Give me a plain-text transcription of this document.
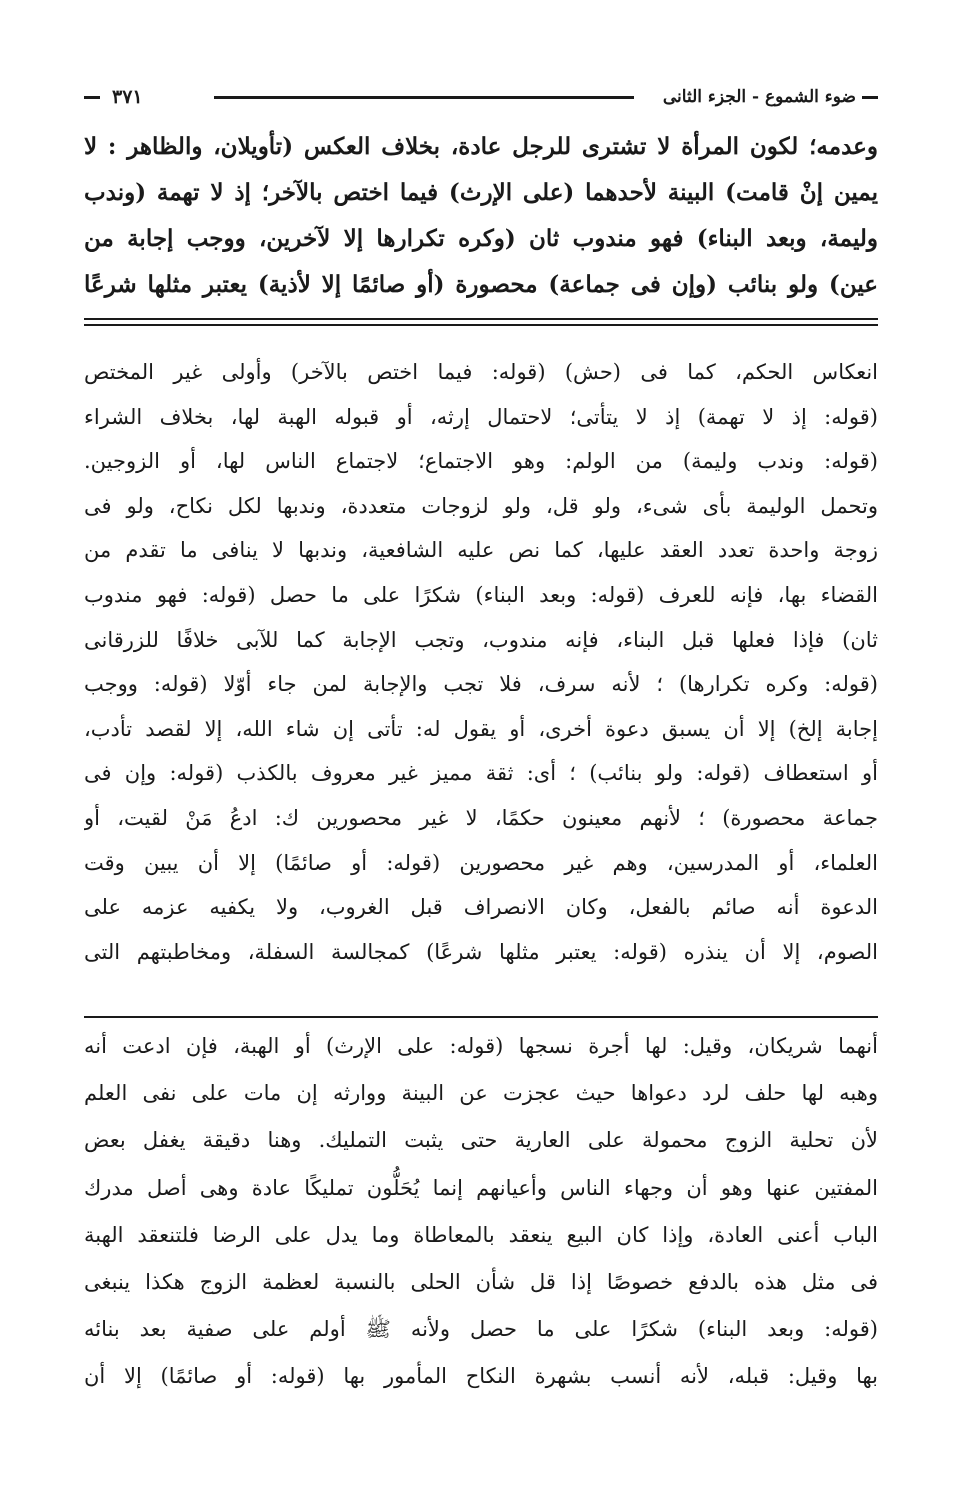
٣٧١	ضوء الشموع - الجزء الثانى
وعدمه؛ لكون المرأة لا تشترى للرجل عادة، بخلاف العكس (تأويلان، والظاهر : لا
يمين إنْ قامت) البينة لأحدهما (على الإرث) فيما اختص بالآخر؛ إذ لا تهمة (وندب
وليمة، وبعد البناء) فهو مندوب ثان (وكره تكرارها إلا لآخرين، ووجب إجابة من
عين) ولو بنائب (وإن فى جماعة) محصورة (أو صائمًا إلا لأذية) يعتبر مثلها شرعًا
انعكاس الحكم، كما فى (حش) (قوله: فيما اختص بالآخر) وأولى غير المختص
(قوله: إذ لا تهمة) إذ لا يتأتى؛ لاحتمال إرثه، أو قبوله الهبة لها، بخلاف الشراء
(قوله: وندب وليمة) من الولم: وهو الاجتماع؛ لاجتماع الناس لها، أو الزوجين.
وتحمل الوليمة بأى شىء، ولو قل، ولو لزوجات متعددة، وندبها لكل نكاح، ولو فى
زوجة واحدة تعدد العقد عليها، كما نص عليه الشافعية، وندبها لا ينافى ما تقدم من
القضاء بها، فإنه للعرف (قوله: وبعد البناء) شكرًا على ما حصل (قوله: فهو مندوب
ثان) فإذا فعلها قبل البناء، فإنه مندوب، وتجب الإجابة كما للآبى خلافًا للزرقانى
(قوله: وكره تكرارها) ؛ لأنه سرف، فلا تجب والإجابة لمن جاء أوّلا (قوله: ووجب
إجابة إلخ) إلا أن يسبق دعوة أخرى، أو يقول له: تأتى إن شاء الله، إلا لقصد تأدب،
أو استعطاف (قوله: ولو بنائب) ؛ أى: ثقة مميز غير معروف بالكذب (قوله: وإن فى
جماعة محصورة) ؛ لأنهم معينون حكمًا، لا غير محصورين ك: ادعُ مَنْ لقيت، أو
العلماء، أو المدرسين، وهم غير محصورين (قوله: أو صائمًا) إلا أن يبين وقت
الدعوة أنه صائم بالفعل، وكان الانصراف قبل الغروب، ولا يكفيه عزمه على
الصوم، إلا أن ينذره (قوله: يعتبر مثلها شرعًا) كمجالسة السفلة، ومخاطبتهم التى
أنهما شريكان، وقيل: لها أجرة نسجها (قوله: على الإرث) أو الهبة، فإن ادعت أنه
وهبه لها حلف لرد دعواها حيث عجزت عن البينة ووارثه إن مات على نفى العلم
لأن تحلية الزوج محمولة على العارية حتى يثبت التمليك. وهنا دقيقة يغفل بعض
المفتين عنها وهو أن وجهاء الناس وأعيانهم إنما يُحَلُّون تمليكًا عادة وهى أصل مدرك
الباب أعنى العادة، وإذا كان البيع ينعقد بالمعاطاة وما يدل على الرضا فلتنعقد الهبة
فى مثل هذه بالدفع خصوصًا إذا قل شأن الحلى بالنسبة لعظمة الزوج هكذا ينبغى
(قوله: وبعد البناء) شكرًا على ما حصل ولأنه ﷺ أولم على صفية بعد بنائه
بها وقيل: قبله، لأنه أنسب بشهرة النكاح المأمور بها (قوله: أو صائمًا) إلا أن
